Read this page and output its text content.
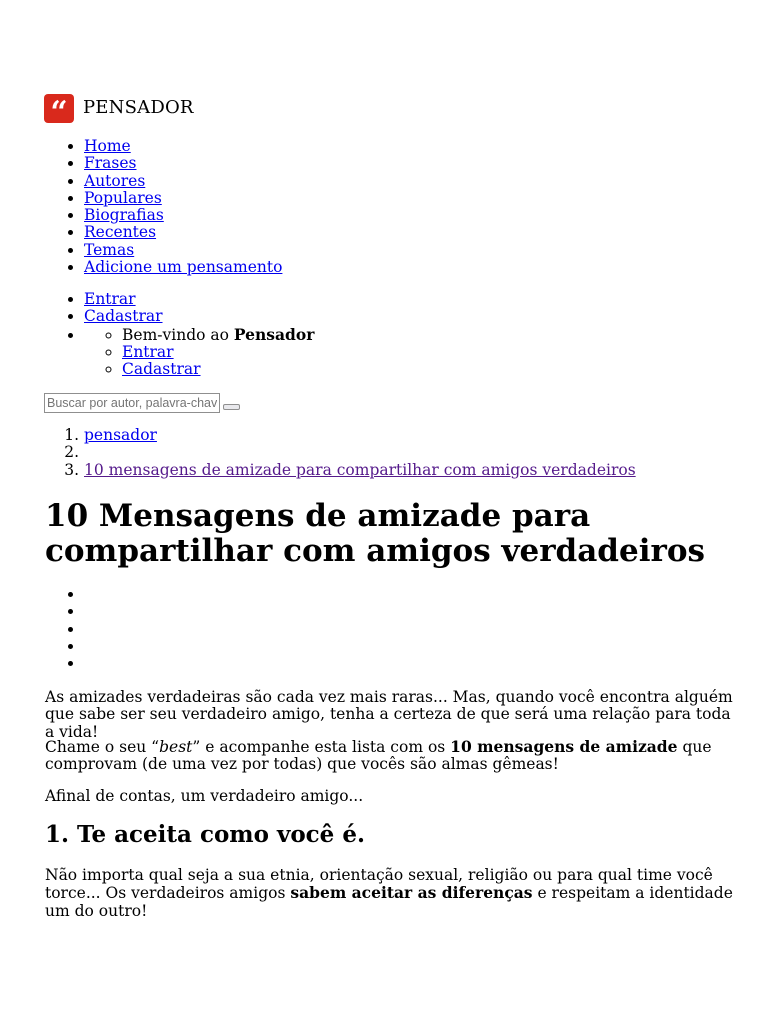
“ PENSADOR
• Home
• Frases
• Autores
• Populares
• Biografias
• Recentes
• Temas
• Adicione um pensamento
• Entrar
• Cadastrar
◦ • Bem-vindo ao Pensador
◦ Entrar
◦ Cadastrar
Buscar por autor, palavra-chave...
1. pensador
2.
3. 10 mensagens de amizade para compartilhar com amigos verdadeiros
10 Mensagens de amizade para compartilhar com amigos verdadeiros

As amizades verdadeiras são cada vez mais raras... Mas, quando você encontra alguém que sabe ser seu verdadeiro amigo, tenha a certeza de que será uma relação para toda a vida!

Chame o seu “best” e acompanhe esta lista com os 10 mensagens de amizade que comprovam (de uma vez por todas) que vocês são almas gêmeas!

Afinal de contas, um verdadeiro amigo...

1. Te aceita como você é.

Não importa qual seja a sua etnia, orientação sexual, religião ou para qual time você torce... Os verdadeiros amigos sabem aceitar as diferenças e respeitam a identidade um do outro!
